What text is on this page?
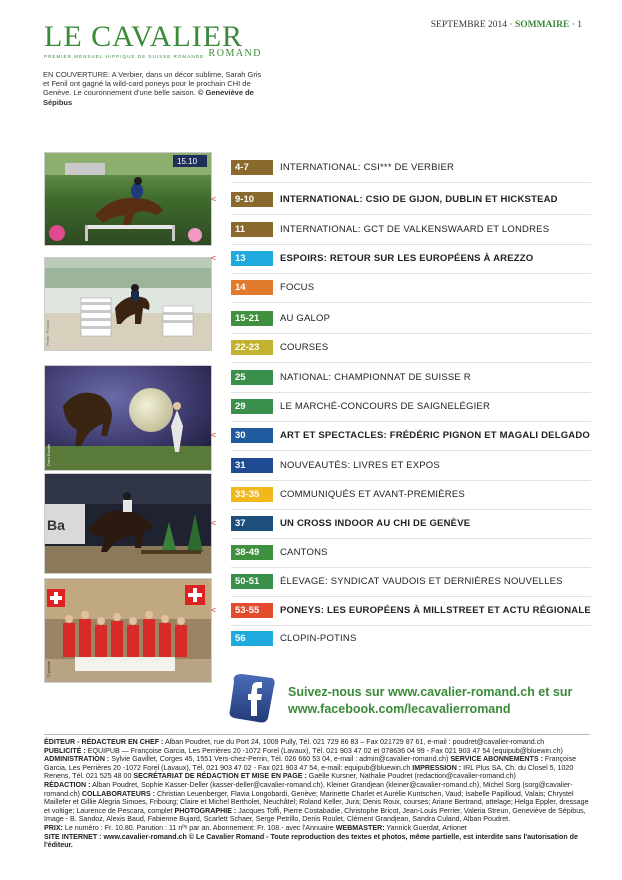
LE CAVALIER
PREMIER MENSUEL HIPPIQUE DE SUISSE ROMANDE ROMAND
SEPTEMBRE 2014 · SOMMAIRE · 1
EN COUVERTURE: A Verbier, dans un décor sublime, Sarah Gris et Fenil ont gagné la wild-card poneys pour le prochain CHI de Genève. Le couronnement d'une belle saison. © Geneviève de Sépibus
15.10
Photo: Pozzoli
Dora Baudiri
Ba
© private
4-7	INTERNATIONAL: CSI*** DE VERBIER
<	9-10	INTERNATIONAL: CSIO DE GIJON, DUBLIN ET HICKSTEAD
11	INTERNATIONAL: GCT DE VALKENSWAARD ET LONDRES
<	13	ESPOIRS: RETOUR SUR LES EUROPÉENS À AREZZO
14	FOCUS
15-21	AU GALOP
22-23	COURSES
25	NATIONAL: CHAMPIONNAT DE SUISSE R
29	LE MARCHÉ-CONCOURS DE SAIGNELÉGIER
<	30	ART ET SPECTACLES: FRÉDÉRIC PIGNON ET MAGALI DELGADO
31	NOUVEAUTÉS: LIVRES ET EXPOS
33-35	COMMUNIQUÉS ET AVANT-PREMIÈRES
<	37	UN CROSS INDOOR AU CHI DE GENÈVE
38-49	CANTONS
50-51	ÉLEVAGE: SYNDICAT VAUDOIS ET DERNIÈRES NOUVELLES
<	53-55	PONEYS: LES EUROPÉENS À MILLSTREET ET ACTU RÉGIONALE
56	CLOPIN-POTINS
Suivez-nous sur www.cavalier-romand.ch et sur
www.facebook.com/lecavalierromand

ÉDITEUR - RÉDACTEUR EN CHEF : Alban Poudret, rue du Port 24, 1009 Pully, Tél. 021 729 86 83 – Fax 021729 87 61, e-mail : poudret@cavalier-romand.ch

PUBLICITÉ : EQUIPUB — Françoise Garcia, Les Perrières 20 -1072 Forel (Lavaux), Tél. 021 903 47 02 et 078636 04 99 - Fax 021 903 47 54 (equipub@bluewin.ch)

ADMINISTRATION : Sylvie Gavillet, Corges 45, 1551 Vers-chez-Perrin, Tél. 026 660 53 04, e-mail : admin@cavalier-romand.ch) SERVICE ABONNEMENTS : Françoise Garcia, Les Perrières 20 -1072 Forel (Lavaux), Tél. 021 903 47 02 - Fax 021 903 47 54, e-mail: equipub@bluewin.ch IMPRESSION : IRL Plus SA, Ch. du Closel 5, 1020 Renens, Tél. 021 525 48 00 SECRÉTARIAT DE RÉDACTION ET MISE EN PAGE : Gaëlle Kursner, Nathalie Poudret (redaction@cavalier-romand.ch)

RÉDACTION : Alban Poudret, Sophie Kasser-Deller (kasser-deller@cavalier-romand.ch), Kleiner Grandjean (kleiner@cavalier-romand.ch), Michel Sorg (sorg@cavalier-romand.ch) COLLABORATEURS : Christian Leuenberger, Flavia Longobardi, Genève; Marinette Charlet et Aurélie Kuntschen, Vaud; Isabelle Papilloud, Valais; Chrystel Maillefer et Gillie Alegria Simoes, Fribourg; Claire et Michel Bertholet, Neuchâtel; Roland Keller, Jura; Denis Roux, courses; Ariane Bertrand, attelage; Helga Eppler, dressage et voltige; Laurence de Pescara, complet PHOTOGRAPHIE : Jacques Toffi, Pierre Costabadie, Christophe Bricot, Jean-Louis Perrier, Valeria Streun, Geneviève de Sépibus, Image - B. Sandoz, Alexis Baud, Fabienne Bujard, Scarlett Schaer, Serge Petrillo, Denis Roulet, Clément Grandjean, Sandra Culand, Alban Poudret.

PRIX: Le numéro : Fr. 10.80. Parution : 11 nºˢ par an. Abonnement: Fr. 108.- avec l'Annuaire WEBMASTER: Yannick Guerdat, Artionet

SITE INTERNET : www.cavalier-romand.ch © Le Cavalier Romand - Toute reproduction des textes et photos, même partielle, est interdite sans l'autorisation de l'éditeur.
